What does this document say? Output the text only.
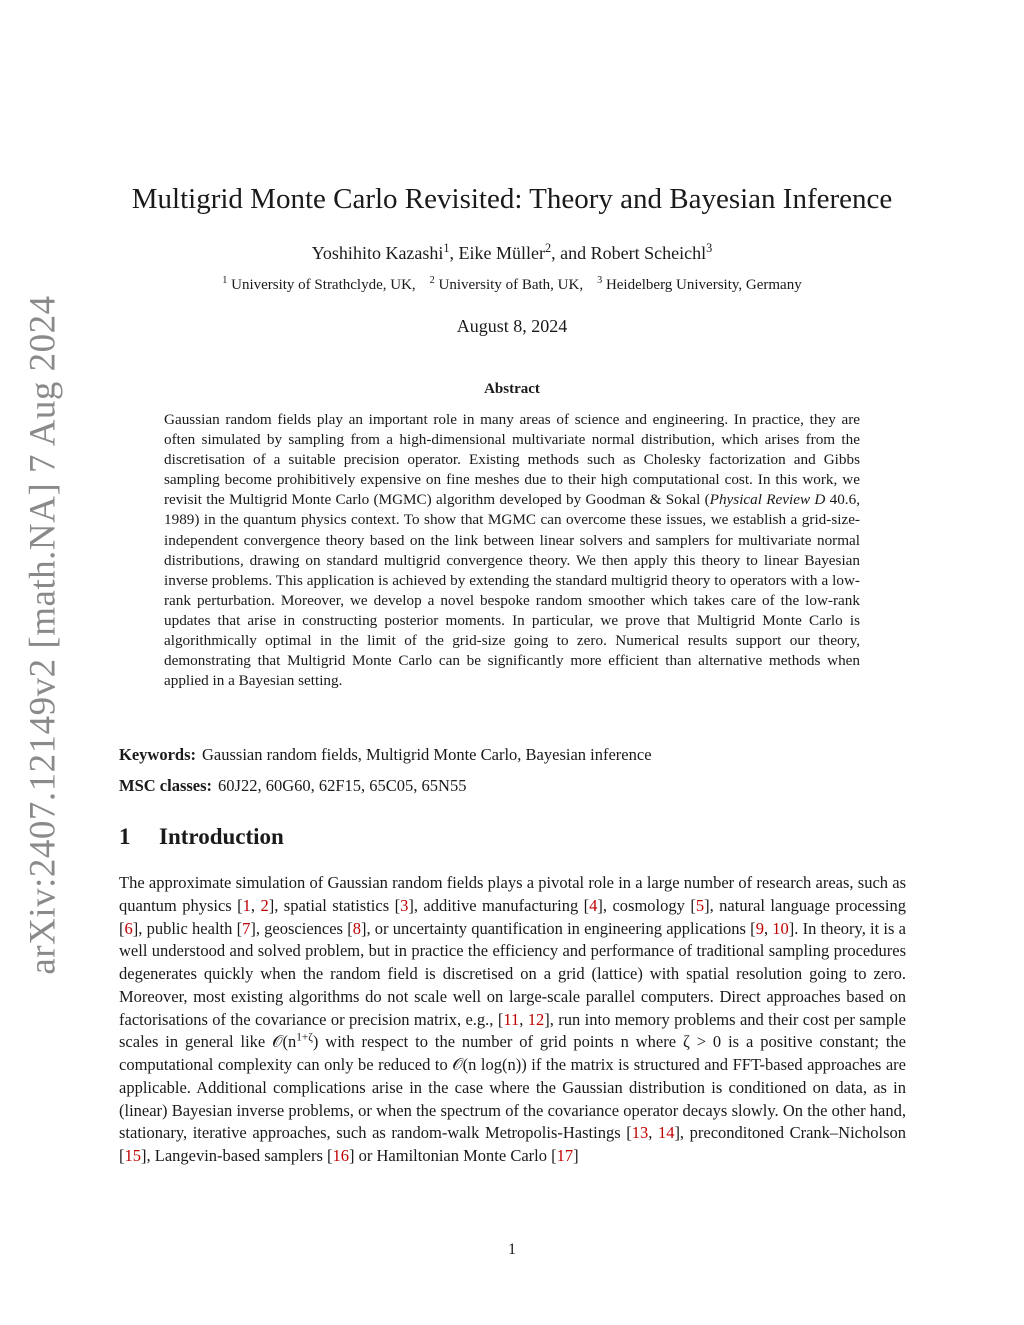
arXiv:2407.12149v2 [math.NA] 7 Aug 2024
Multigrid Monte Carlo Revisited: Theory and Bayesian Inference
Yoshihito Kazashi$^1$, Eike Müller$^2$, and Robert Scheichl$^3$
$^1$ University of Strathclyde, UK, $^2$ University of Bath, UK, $^3$ Heidelberg University, Germany
August 8, 2024
Abstract
Gaussian random fields play an important role in many areas of science and engineering. In practice, they are often simulated by sampling from a high-dimensional multivariate normal distribution, which arises from the discretisation of a suitable precision operator. Existing methods such as Cholesky factorization and Gibbs sampling become prohibitively expensive on fine meshes due to their high computational cost. In this work, we revisit the Multigrid Monte Carlo (MGMC) algorithm developed by Goodman & Sokal (Physical Review D 40.6, 1989) in the quantum physics context. To show that MGMC can overcome these issues, we establish a grid-size-independent convergence theory based on the link between linear solvers and samplers for multivariate normal distributions, drawing on standard multigrid convergence theory. We then apply this theory to linear Bayesian inverse problems. This application is achieved by extending the standard multigrid theory to operators with a low-rank perturbation. Moreover, we develop a novel bespoke random smoother which takes care of the low-rank updates that arise in constructing posterior moments. In particular, we prove that Multigrid Monte Carlo is algorithmically optimal in the limit of the grid-size going to zero. Numerical results support our theory, demonstrating that Multigrid Monte Carlo can be significantly more efficient than alternative methods when applied in a Bayesian setting.
Keywords: Gaussian random fields, Multigrid Monte Carlo, Bayesian inference
MSC classes: 60J22, 60G60, 62F15, 65C05, 65N55
1 Introduction
The approximate simulation of Gaussian random fields plays a pivotal role in a large number of research areas, such as quantum physics [1, 2], spatial statistics [3], additive manufacturing [4], cosmology [5], natural language processing [6], public health [7], geosciences [8], or uncertainty quantification in engineering applications [9, 10]. In theory, it is a well understood and solved problem, but in practice the efficiency and performance of traditional sampling procedures degenerates quickly when the random field is discretised on a grid (lattice) with spatial resolution going to zero. Moreover, most existing algorithms do not scale well on large-scale parallel computers. Direct approaches based on factorisations of the covariance or precision matrix, e.g., [11, 12], run into memory problems and their cost per sample scales in general like $𝒪(n^{1+\zeta})$ with respect to the number of grid points n where ζ > 0 is a positive constant; the computational complexity can only be reduced to 𝒪(n log(n)) if the matrix is structured and FFT-based approaches are applicable. Additional complications arise in the case where the Gaussian distribution is conditioned on data, as in (linear) Bayesian inverse problems, or when the spectrum of the covariance operator decays slowly. On the other hand, stationary, iterative approaches, such as random-walk Metropolis-Hastings [13, 14], preconditoned Crank–Nicholson [15], Langevin-based samplers [16] or Hamiltonian Monte Carlo [17]
1
